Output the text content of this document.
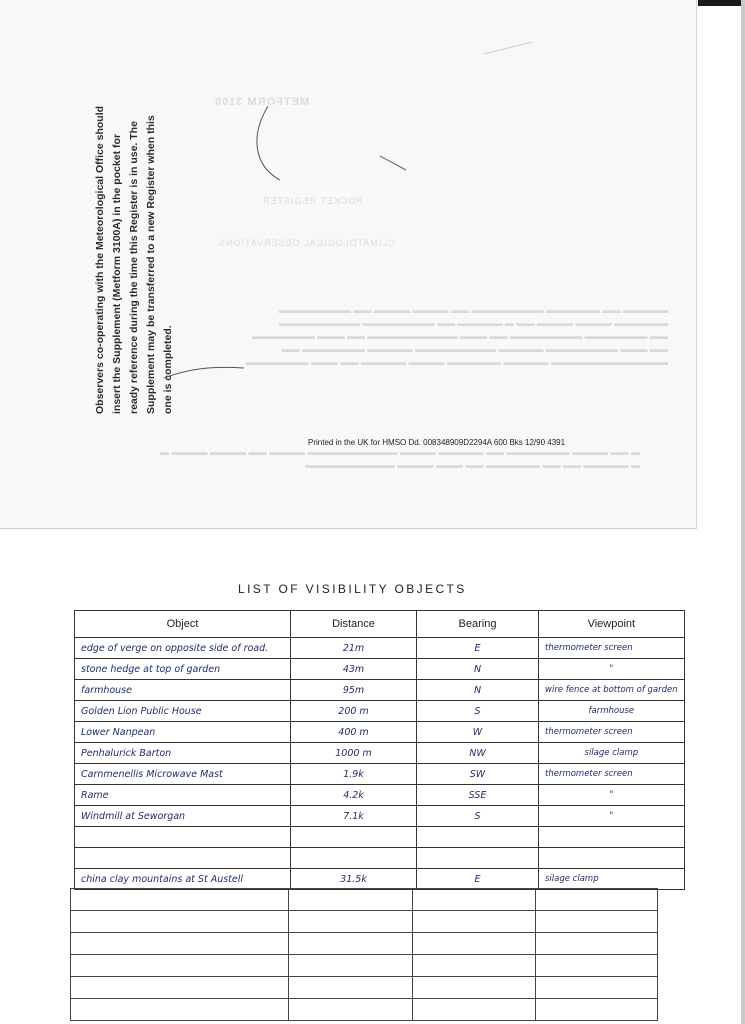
METFORM 3100
POCKET REGISTER
CLIMATOLOGICAL OBSERVATIONS
▬▬▬▬▬ ▬▬ ▬▬▬▬▬▬ ▬▬▬▬▬▬▬▬ ▬▬ ▬▬▬▬ ▬▬▬▬ ▬▬ ▬▬▬▬▬▬▬▬
▬▬▬▬▬▬ ▬▬▬▬ ▬▬▬▬ ▬▬ ▬ ▬▬▬▬▬ ▬▬ ▬▬▬▬▬▬▬▬ ▬▬▬▬▬▬▬▬▬
▬▬ ▬▬▬▬▬▬▬ ▬▬▬▬▬▬▬▬ ▬▬ ▬▬▬ ▬▬▬▬▬▬▬▬▬▬ ▬▬ ▬▬▬ ▬▬▬▬▬▬▬
▬▬ ▬▬▬ ▬▬▬▬▬▬▬▬ ▬▬▬▬▬ ▬▬▬▬▬▬▬▬▬ ▬▬▬▬▬ ▬▬▬▬▬▬▬ ▬▬
▬▬▬▬▬▬▬▬▬▬▬▬▬ ▬▬▬▬▬ ▬▬▬▬▬▬ ▬▬▬▬ ▬▬▬▬▬ ▬▬ ▬▬▬ ▬▬▬▬▬▬▬
▬ ▬▬ ▬▬▬▬ ▬▬▬▬▬▬▬ ▬▬ ▬▬▬▬▬ ▬▬▬▬ ▬▬▬▬▬▬▬▬▬▬ ▬▬▬▬ ▬▬ ▬▬▬▬ ▬▬▬▬ ▬
▬ ▬▬▬▬▬ ▬▬ ▬▬ ▬▬▬▬▬▬ ▬▬ ▬▬▬ ▬▬▬▬ ▬▬▬▬▬▬▬▬▬▬
Observers co-operating with the Meteorological Office should insert the Supplement (Metform 3100A) in the pocket for ready reference during the time this Register is in use. The Supplement may be transferred to a new Register when this one is completed.
Printed in the UK for HMSO Dd. 008348909D2294A 600 Bks 12/90 4391
LIST OF VISIBILITY OBJECTS
Object	Distance	Bearing	Viewpoint
edge of verge on opposite side of road.	21m	E	thermometer screen
stone hedge at top of garden	43m	N	"
farmhouse	95m	N	wire fence at bottom of garden
Golden Lion Public House	200 m	S	farmhouse
Lower Nanpean	400 m	W	thermometer screen
Penhalurick Barton	1000 m	NW	silage clamp
Carnmenellis Microwave Mast	1.9k	SW	thermometer screen
Rame	4.2k	SSE	"
Windmill at Seworgan	7.1k	S	"

china clay mountains at St Austell	31.5k	E	silage clamp
